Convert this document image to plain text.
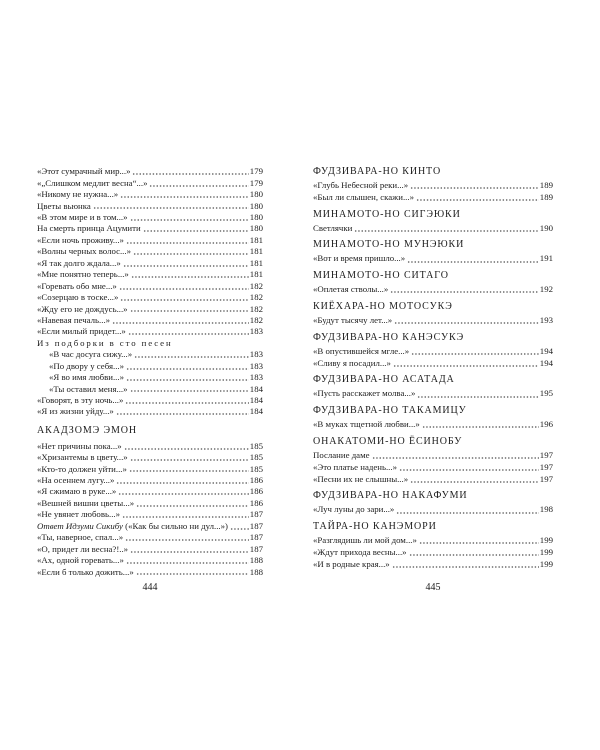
«Этот сумрачный мир...»	179
«„Слишком медлит весна“...»	179
«Никому не нужна...»	180
Цветы вьюнка	180
«В этом мире и в том...»	180
На смерть принца Ацумити	180
«Если ночь проживу...»	181
«Волны черных волос...»	181
«Я так долго ждала...»	181
«Мне понятно теперь...»	181
«Горевать обо мне...»	182
«Созерцаю в тоске...»	182
«Жду его не дождусь...»	182
«Навевая печаль...»	182
«Если милый придет...»	183
Из подборки в сто песен
«В час досуга сижу...»	183
«По двору у себя...»	183
«Я во имя любви...»	183
«Ты оставил меня...»	184
«Говорят, в эту ночь...»	184
«Я из жизни уйду...»	184
АКАДЗОМЭ ЭМОН
«Нет причины пока...»	185
«Хризантемы в цвету...»	185
«Кто-то должен уйти...»	185
«На осеннем лугу...»	186
«Я сжимаю в руке...»	186
«Вешней вишни цветы...»	186
«Не увянет любовь...»	187
Ответ Идзуми Сикибу («Как бы сильно ни дул...») 187
«Ты, наверное, спал...»	187
«О, придет ли весна?!..»	187
«Ах, одной горевать...»	188
«Если б только дожить...»	188
444
ФУДЗИВАРА-НО КИНТО
«Глубь Небесной реки...»	189
«Был ли слышен, скажи...»	189
МИНАМОТО-НО СИГЭЮКИ
Светлячки	190
МИНАМОТО-НО МУНЭЮКИ
«Вот и время пришло...»	191
МИНАМОТО-НО СИТАГО
«Оплетая стволы...»	192
КИЁХАРА-НО МОТОСУКЭ
«Будут тысячу лет...»	193
ФУДЗИВАРА-НО КАНЭСУКЭ
«В опустившейся мгле...»	194
«Сливу я посадил...»	194
ФУДЗИВАРА-НО АСАТАДА
«Пусть расскажет молва...»	195
ФУДЗИВАРА-НО ТАКАМИЦУ
«В муках тщетной любви...»	196
ОНАКАТОМИ-НО ЁСИНОБУ
Послание даме	197
«Это платье надень...»	197
«Песни их не слышны...»	197
ФУДЗИВАРА-НО НАКАФУМИ
«Луч луны до зари...»	198
ТАЙРА-НО КАНЭМОРИ
«Разглядишь ли мой дом...»	199
«Ждут прихода весны...»	199
«И в родные края...»	199
445
